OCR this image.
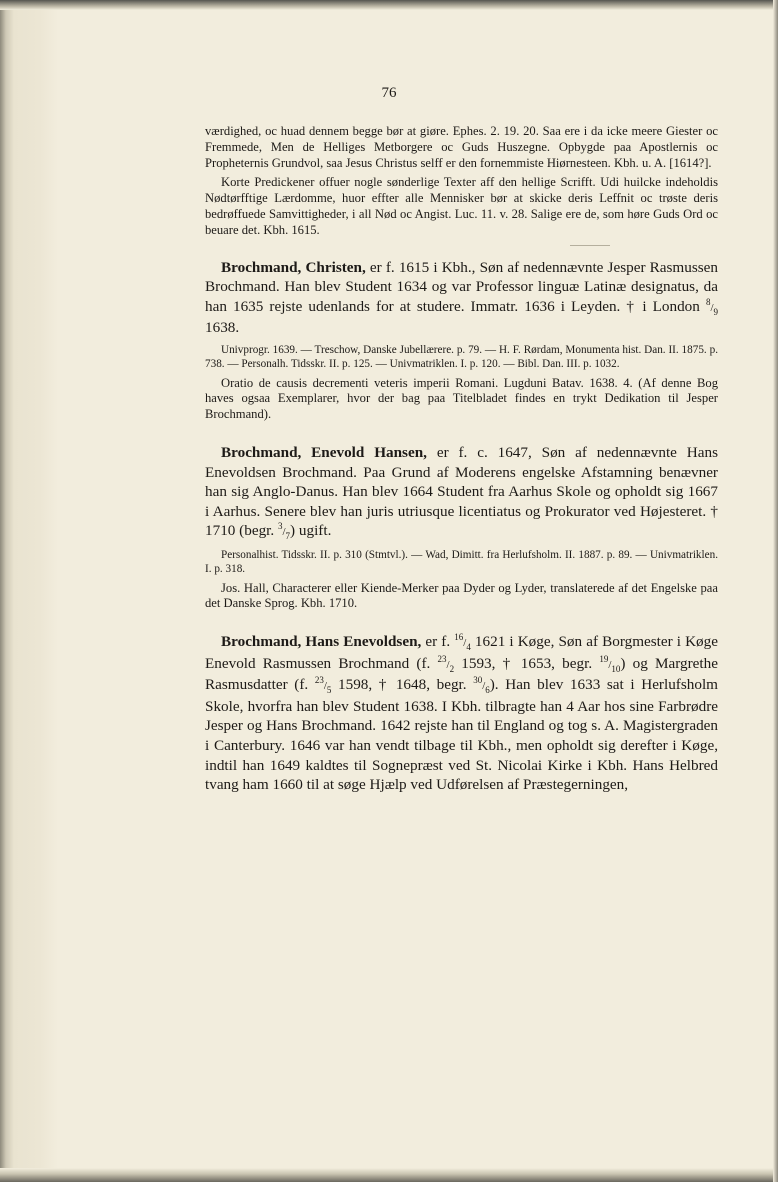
76

værdighed, oc huad dennem begge bør at giøre. Ephes. 2. 19. 20. Saa ere i da icke meere Giester oc Fremmede, Men de Helliges Metborgere oc Guds Huszegne. Opbygde paa Apostlernis oc Propheternis Grundvol, saa Jesus Christus selff er den fornemmiste Hiørnesteen. Kbh. u. A. [1614?].

Korte Predickener offuer nogle sønderlige Texter aff den hellige Scrifft. Udi huilcke indeholdis Nødtørfftige Lærdomme, huor effter alle Mennisker bør at skicke deris Leffnit oc trøste deris bedrøffuede Samvittigheder, i all Nød oc Angist. Luc. 11. v. 28. Salige ere de, som høre Guds Ord oc beuare det. Kbh. 1615.

Brochmand, Christen, er f. 1615 i Kbh., Søn af nedennævnte Jesper Rasmussen Brochmand. Han blev Student 1634 og var Professor linguæ Latinæ designatus, da han 1635 rejste udenlands for at studere. Immatr. 1636 i Leyden. † i London $^8/_9$ 1638.

Univprogr. 1639. — Treschow, Danske Jubellærere. p. 79. — H. F. Rørdam, Monumenta hist. Dan. II. 1875. p. 738. — Personalh. Tidsskr. II. p. 125. — Univmatriklen. I. p. 120. — Bibl. Dan. III. p. 1032.

Oratio de causis decrementi veteris imperii Romani. Lugduni Batav. 1638. 4. (Af denne Bog haves ogsaa Exemplarer, hvor der bag paa Titelbladet findes en trykt Dedikation til Jesper Brochmand).

Brochmand, Enevold Hansen, er f. c. 1647, Søn af nedennævnte Hans Enevoldsen Brochmand. Paa Grund af Moderens engelske Afstamning benævner han sig Anglo-Danus. Han blev 1664 Student fra Aarhus Skole og opholdt sig 1667 i Aarhus. Senere blev han juris utriusque licentiatus og Prokurator ved Højesteret. † 1710 (begr. $^3/_7$) ugift.

Personalhist. Tidsskr. II. p. 310 (Stmtvl.). — Wad, Dimitt. fra Herlufsholm. II. 1887. p. 89. — Univmatriklen. I. p. 318.

Jos. Hall, Characterer eller Kiende-Merker paa Dyder og Lyder, translaterede af det Engelske paa det Danske Sprog. Kbh. 1710.

Brochmand, Hans Enevoldsen, er f. $^{16}/_4$ 1621 i Køge, Søn af Borgmester i Køge Enevold Rasmussen Brochmand (f. $^{23}/_2$ 1593, † 1653, begr. $^{19}/_{10}$) og Margrethe Rasmusdatter (f. $^{23}/_5$ 1598, † 1648, begr. $^{30}/_6$). Han blev 1633 sat i Herlufsholm Skole, hvorfra han blev Student 1638. I Kbh. tilbragte han 4 Aar hos sine Farbrødre Jesper og Hans Brochmand. 1642 rejste han til England og tog s. A. Magistergraden i Canterbury. 1646 var han vendt tilbage til Kbh., men opholdt sig derefter i Køge, indtil han 1649 kaldtes til Sognepræst ved St. Nicolai Kirke i Kbh. Hans Helbred tvang ham 1660 til at søge Hjælp ved Udførelsen af Præstegerningen,
